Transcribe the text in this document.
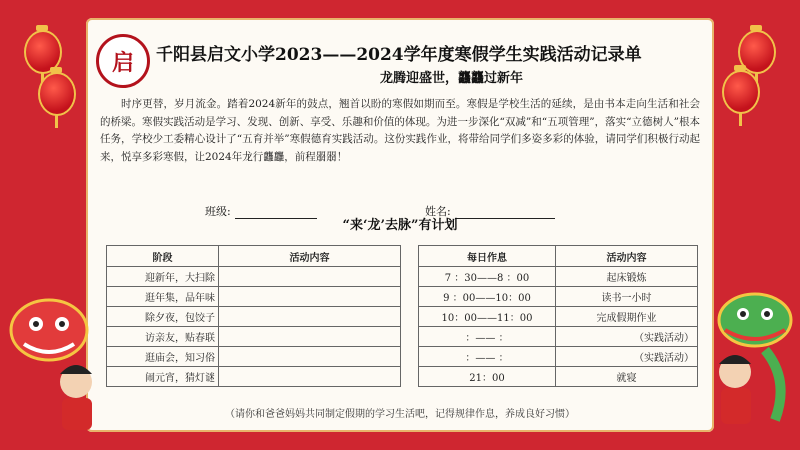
启 千阳县启文小学2023——2024学年度寒假学生实践活动记录单
龙腾迎盛世，龘龘过新年
时序更替，岁月流金。踏着2024新年的鼓点，翘首以盼的寒假如期而至。寒假是学校生活的延续，是由书本走向生活和社会的桥梁。寒假实践活动是学习、发现、创新、享受、乐趣和价值的体现。为进一步深化“双减”和“五项管理”，落实“立德树人”根本任务，学校少工委精心设计了“五育并举”寒假德育实践活动。这份实践作业，将带给同学们多姿多彩的体验，请同学们积极行动起来，悦享多彩寒假，让2024年龙行龘龘，前程朤朤！
班级:	姓名:
“来‘龙’去脉”有计划
阶段	活动内容
迎新年，大扫除	
逛年集，品年味	
除夕夜，包饺子	
访亲友，贴春联	
逛庙会，知习俗	
闹元宵，猜灯谜	
每日作息	活动内容
7 ：30——8 ：00	起床锻炼
9 ：00——10：00	读书一小时
10：00——11：00	完成假期作业
：—— ：	（实践活动）
：—— ：	（实践活动）
21：00	就寝
（请你和爸爸妈妈共同制定假期的学习生活吧，记得规律作息，养成良好习惯）
